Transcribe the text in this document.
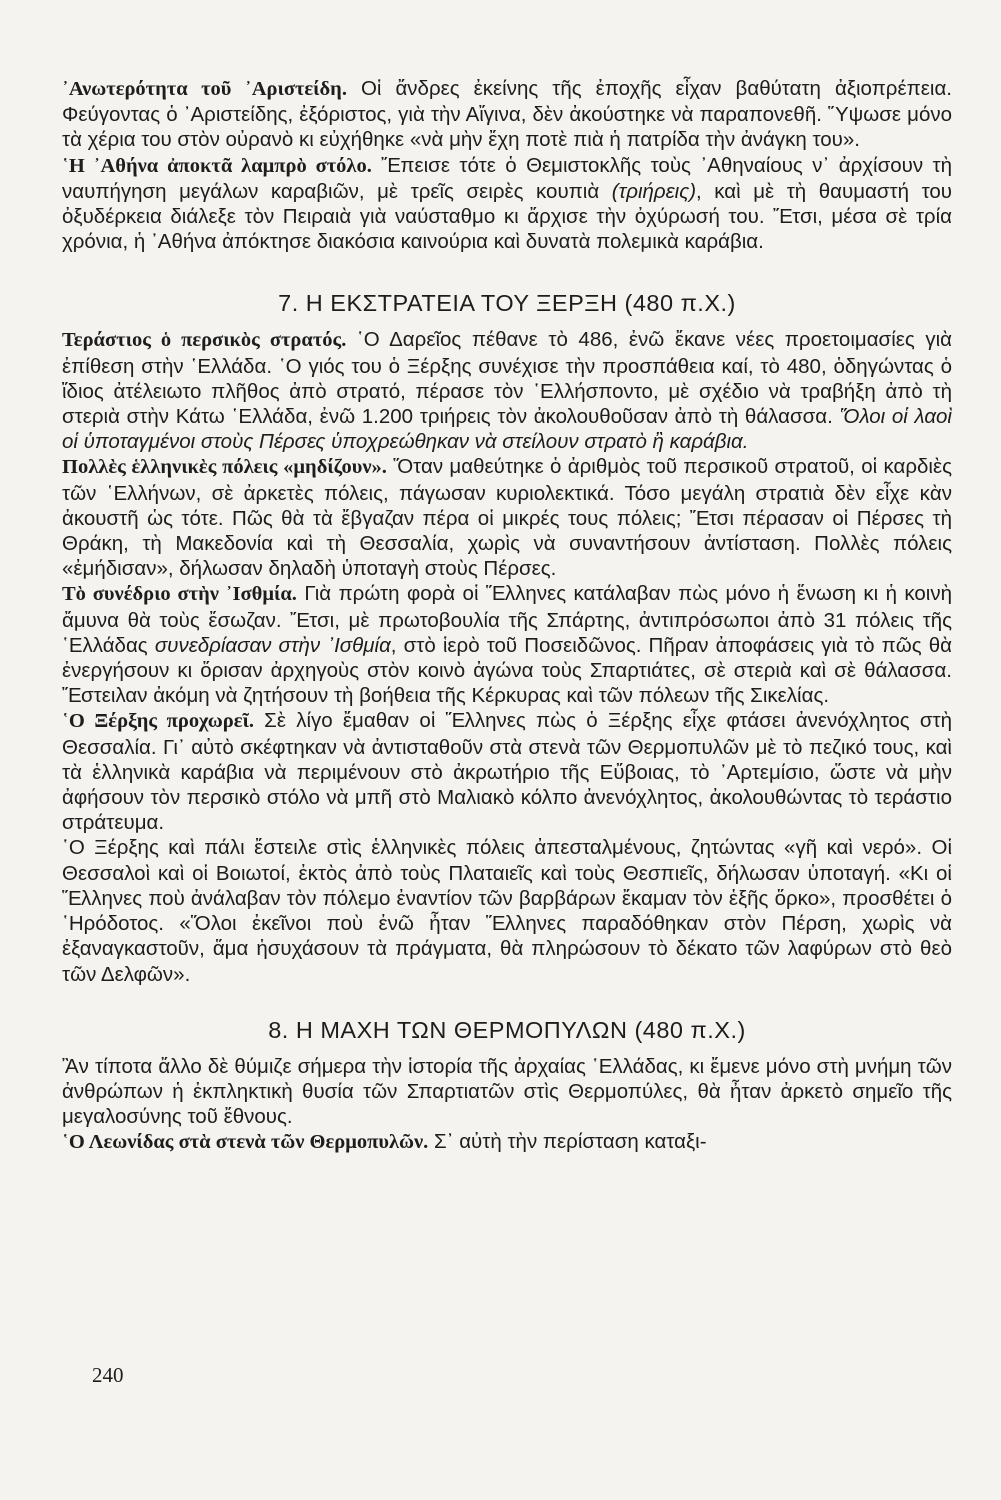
᾿Ανωτερότητα τοῦ ᾿Αριστείδη. Οἱ ἄνδρες ἐκείνης τῆς ἐποχῆς εἶχαν βαθύτατη ἀξιοπρέπεια. Φεύγοντας ὁ ᾿Αριστείδης, ἐξόριστος, γιὰ τὴν Αἴγινα, δὲν ἀκούστηκε νὰ παραπονεθῆ. Ὕψωσε μόνο τὰ χέρια του στὸν οὐρανὸ κι εὐχήθηκε «νὰ μὴν ἔχη ποτὲ πιὰ ἡ πατρίδα τὴν ἀνάγκη του».

῾Η ᾿Αθήνα ἀποκτᾶ λαμπρὸ στόλο. Ἔπεισε τότε ὁ Θεμιστοκλῆς τοὺς ᾿Αθηναίους ν᾿ ἀρχίσουν τὴ ναυπήγηση μεγάλων καραβιῶν, μὲ τρεῖς σειρὲς κουπιὰ (τριήρεις), καὶ μὲ τὴ θαυμαστή του ὀξυδέρκεια διάλεξε τὸν Πειραιὰ γιὰ ναύσταθμο κι ἄρχισε τὴν ὀχύρωσή του. Ἔτσι, μέσα σὲ τρία χρόνια, ἡ ᾿Αθήνα ἀπόκτησε διακόσια καινούρια καὶ δυνατὰ πολεμικὰ καράβια.

7. Η ΕΚΣΤΡΑΤΕΙΑ ΤΟΥ ΞΕΡΞΗ (480 π.Χ.)

Τεράστιος ὁ περσικὸς στρατός. ῾Ο Δαρεῖος πέθανε τὸ 486, ἐνῶ ἔκανε νέες προετοιμασίες γιὰ ἐπίθεση στὴν ῾Ελλάδα. ῾Ο γιός του ὁ Ξέρξης συνέχισε τὴν προσπάθεια καί, τὸ 480, ὁδηγώντας ὁ ἴδιος ἀτέλειωτο πλῆθος ἀπὸ στρατό, πέρασε τὸν ῾Ελλήσποντο, μὲ σχέδιο νὰ τραβήξη ἀπὸ τὴ στεριὰ στὴν Κάτω ῾Ελλάδα, ἐνῶ 1.200 τριήρεις τὸν ἀκολουθοῦσαν ἀπὸ τὴ θάλασσα. Ὅλοι οἱ λαοὶ οἱ ὑποταγμένοι στοὺς Πέρσες ὑποχρεώθηκαν νὰ στείλουν στρατὸ ἢ καράβια.

Πολλὲς ἑλληνικὲς πόλεις «μηδίζουν». Ὅταν μαθεύτηκε ὁ ἀριθμὸς τοῦ περσικοῦ στρατοῦ, οἱ καρδιὲς τῶν ῾Ελλήνων, σὲ ἀρκετὲς πόλεις, πάγωσαν κυριολεκτικά. Τόσο μεγάλη στρατιὰ δὲν εἶχε κὰν ἀκουστῆ ὡς τότε. Πῶς θὰ τὰ ἔβγαζαν πέρα οἱ μικρές τους πόλεις; Ἔτσι πέρασαν οἱ Πέρσες τὴ Θράκη, τὴ Μακεδονία καὶ τὴ Θεσσαλία, χωρὶς νὰ συναντήσουν ἀντίσταση. Πολλὲς πόλεις «ἐμήδισαν», δήλωσαν δηλαδὴ ὑποταγὴ στοὺς Πέρσες.

Τὸ συνέδριο στὴν ᾿Ισθμία. Γιὰ πρώτη φορὰ οἱ Ἕλληνες κατάλαβαν πὼς μόνο ἡ ἕνωση κι ἡ κοινὴ ἄμυνα θὰ τοὺς ἔσωζαν. Ἔτσι, μὲ πρωτοβουλία τῆς Σπάρτης, ἀντιπρόσωποι ἀπὸ 31 πόλεις τῆς ῾Ελλάδας συνεδρίασαν στὴν ᾿Ισθμία, στὸ ἱερὸ τοῦ Ποσειδῶνος. Πῆραν ἀποφάσεις γιὰ τὸ πῶς θὰ ἐνεργήσουν κι ὅρισαν ἀρχηγοὺς στὸν κοινὸ ἀγώνα τοὺς Σπαρτιάτες, σὲ στεριὰ καὶ σὲ θάλασσα. Ἔστειλαν ἀκόμη νὰ ζητήσουν τὴ βοήθεια τῆς Κέρκυρας καὶ τῶν πόλεων τῆς Σικελίας.

῾Ο Ξέρξης προχωρεῖ. Σὲ λίγο ἔμαθαν οἱ Ἕλληνες πὼς ὁ Ξέρξης εἶχε φτάσει ἀνενόχλητος στὴ Θεσσαλία. Γι᾿ αὐτὸ σκέφτηκαν νὰ ἀντισταθοῦν στὰ στενὰ τῶν Θερμοπυλῶν μὲ τὸ πεζικό τους, καὶ τὰ ἑλληνικὰ καράβια νὰ περιμένουν στὸ ἀκρωτήριο τῆς Εὔβοιας, τὸ ᾿Αρτεμίσιο, ὥστε νὰ μὴν ἀφήσουν τὸν περσικὸ στόλο νὰ μπῆ στὸ Μαλιακὸ κόλπο ἀνενόχλητος, ἀκολουθώντας τὸ τεράστιο στράτευμα.

῾Ο Ξέρξης καὶ πάλι ἔστειλε στὶς ἑλληνικὲς πόλεις ἀπεσταλμένους, ζητώντας «γῆ καὶ νερό». Οἱ Θεσσαλοὶ καὶ οἱ Βοιωτοί, ἐκτὸς ἀπὸ τοὺς Πλαταιεῖς καὶ τοὺς Θεσπιεῖς, δήλωσαν ὑποταγή. «Κι οἱ Ἕλληνες ποὺ ἀνάλαβαν τὸν πόλεμο ἐναντίον τῶν βαρβάρων ἔκαμαν τὸν ἑξῆς ὅρκο», προσθέτει ὁ ῾Ηρόδοτος. «Ὅλοι ἐκεῖνοι ποὺ ἐνῶ ἦταν Ἕλληνες παραδόθηκαν στὸν Πέρση, χωρὶς νὰ ἐξαναγκαστοῦν, ἅμα ἡσυχάσουν τὰ πράγματα, θὰ πληρώσουν τὸ δέκατο τῶν λαφύρων στὸ θεὸ τῶν Δελφῶν».

8. Η ΜΑΧΗ ΤΩΝ ΘΕΡΜΟΠΥΛΩΝ (480 π.Χ.)

Ἂν τίποτα ἄλλο δὲ θύμιζε σήμερα τὴν ἱστορία τῆς ἀρχαίας ῾Ελλάδας, κι ἔμενε μόνο στὴ μνήμη τῶν ἀνθρώπων ἡ ἐκπληκτικὴ θυσία τῶν Σπαρτιατῶν στὶς Θερμοπύλες, θὰ ἦταν ἀρκετὸ σημεῖο τῆς μεγαλοσύνης τοῦ ἔθνους.

῾Ο Λεωνίδας στὰ στενὰ τῶν Θερμοπυλῶν. Σ᾿ αὐτὴ τὴν περίσταση καταξι-

240
